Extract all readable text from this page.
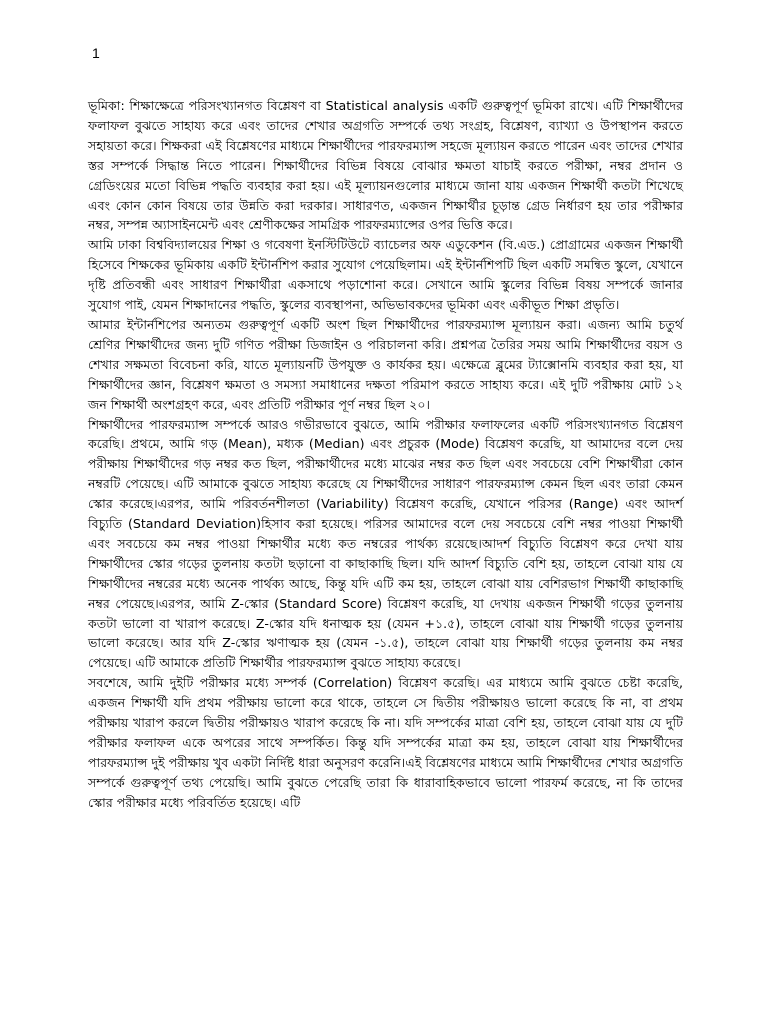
1

ভূমিকা: শিক্ষাক্ষেত্রে পরিসংখ্যানগত বিশ্লেষণ বা Statistical analysis একটি গুরুত্বপূর্ণ ভূমিকা রাখে। এটি শিক্ষার্থীদের ফলাফল বুঝতে সাহায্য করে এবং তাদের শেখার অগ্রগতি সম্পর্কে তথ্য সংগ্রহ, বিশ্লেষণ, ব্যাখ্যা ও উপস্থাপন করতে সহায়তা করে। শিক্ষকরা এই বিশ্লেষণের মাধ্যমে শিক্ষার্থীদের পারফরম্যান্স সহজে মূল্যায়ন করতে পারেন এবং তাদের শেখার স্তর সম্পর্কে সিদ্ধান্ত নিতে পারেন। শিক্ষার্থীদের বিভিন্ন বিষয়ে বোঝার ক্ষমতা যাচাই করতে পরীক্ষা, নম্বর প্রদান ও গ্রেডিংয়ের মতো বিভিন্ন পদ্ধতি ব্যবহার করা হয়। এই মূল্যায়নগুলোর মাধ্যমে জানা যায় একজন শিক্ষার্থী কতটা শিখেছে এবং কোন কোন বিষয়ে তার উন্নতি করা দরকার। সাধারণত, একজন শিক্ষার্থীর চূড়ান্ত গ্রেড নির্ধারণ হয় তার পরীক্ষার নম্বর, সম্পন্ন অ্যাসাইনমেন্ট এবং শ্রেণীকক্ষের সামগ্রিক পারফরম্যান্সের ওপর ভিত্তি করে।

আমি ঢাকা বিশ্ববিদ্যালয়ের শিক্ষা ও গবেষণা ইনস্টিটিউটে ব্যাচেলর অফ এডুকেশন (বি.এড.) প্রোগ্রামের একজন শিক্ষার্থী হিসেবে শিক্ষকের ভূমিকায় একটি ইন্টার্নশিপ করার সুযোগ পেয়েছিলাম। এই ইন্টার্নশিপটি ছিল একটি সমন্বিত স্কুলে, যেখানে দৃষ্টি প্রতিবন্ধী এবং সাধারণ শিক্ষার্থীরা একসাথে পড়াশোনা করে। সেখানে আমি স্কুলের বিভিন্ন বিষয় সম্পর্কে জানার সুযোগ পাই, যেমন শিক্ষাদানের পদ্ধতি, স্কুলের ব্যবস্থাপনা, অভিভাবকদের ভূমিকা এবং একীভূত শিক্ষা প্রভৃতি।

আমার ইন্টার্নশিপের অন্যতম গুরুত্বপূর্ণ একটি অংশ ছিল শিক্ষার্থীদের পারফরম্যান্স মূল্যায়ন করা। এজন্য আমি চতুর্থ শ্রেণির শিক্ষার্থীদের জন্য দুটি গণিত পরীক্ষা ডিজাইন ও পরিচালনা করি। প্রশ্নপত্র তৈরির সময় আমি শিক্ষার্থীদের বয়স ও শেখার সক্ষমতা বিবেচনা করি, যাতে মূল্যায়নটি উপযুক্ত ও কার্যকর হয়। এক্ষেত্রে ব্লুমের ট্যাক্সোনমি ব্যবহার করা হয়, যা শিক্ষার্থীদের জ্ঞান, বিশ্লেষণ ক্ষমতা ও সমস্যা সমাধানের দক্ষতা পরিমাপ করতে সাহায্য করে। এই দুটি পরীক্ষায় মোট ১২ জন শিক্ষার্থী অংশগ্রহণ করে, এবং প্রতিটি পরীক্ষার পূর্ণ নম্বর ছিল ২০।

শিক্ষার্থীদের পারফরম্যান্স সম্পর্কে আরও গভীরভাবে বুঝতে, আমি পরীক্ষার ফলাফলের একটি পরিসংখ্যানগত বিশ্লেষণ করেছি। প্রথমে, আমি গড় (Mean), মধ্যক (Median) এবং প্রচুরক (Mode) বিশ্লেষণ করেছি, যা আমাদের বলে দেয় পরীক্ষায় শিক্ষার্থীদের গড় নম্বর কত ছিল, পরীক্ষার্থীদের মধ্যে মাঝের নম্বর কত ছিল এবং সবচেয়ে বেশি শিক্ষার্থীরা কোন নম্বরটি পেয়েছে। এটি আমাকে বুঝতে সাহায্য করেছে যে শিক্ষার্থীদের সাধারণ পারফরম্যান্স কেমন ছিল এবং তারা কেমন স্কোর করেছে।এরপর, আমি পরিবর্তনশীলতা (Variability) বিশ্লেষণ করেছি, যেখানে পরিসর (Range) এবং আদর্শ বিচ্যুতি (Standard Deviation)হিসাব করা হয়েছে। পরিসর আমাদের বলে দেয় সবচেয়ে বেশি নম্বর পাওয়া শিক্ষার্থী এবং সবচেয়ে কম নম্বর পাওয়া শিক্ষার্থীর মধ্যে কত নম্বরের পার্থক্য রয়েছে।আদর্শ বিচ্যুতি বিশ্লেষণ করে দেখা যায় শিক্ষার্থীদের স্কোর গড়ের তুলনায় কতটা ছড়ানো বা কাছাকাছি ছিল। যদি আদর্শ বিচ্যুতি বেশি হয়, তাহলে বোঝা যায় যে শিক্ষার্থীদের নম্বরের মধ্যে অনেক পার্থক্য আছে, কিন্তু যদি এটি কম হয়, তাহলে বোঝা যায় বেশিরভাগ শিক্ষার্থী কাছাকাছি নম্বর পেয়েছে।এরপর, আমি Z-স্কোর (Standard Score) বিশ্লেষণ করেছি, যা দেখায় একজন শিক্ষার্থী গড়ের তুলনায় কতটা ভালো বা খারাপ করেছে। Z-স্কোর যদি ধনাত্মক হয় (যেমন +১.৫), তাহলে বোঝা যায় শিক্ষার্থী গড়ের তুলনায় ভালো করেছে। আর যদি Z-স্কোর ঋণাত্মক হয় (যেমন -১.৫), তাহলে বোঝা যায় শিক্ষার্থী গড়ের তুলনায় কম নম্বর পেয়েছে। এটি আমাকে প্রতিটি শিক্ষার্থীর পারফরম্যান্স বুঝতে সাহায্য করেছে।

সবশেষে, আমি দুইটি পরীক্ষার মধ্যে সম্পর্ক (Correlation) বিশ্লেষণ করেছি। এর মাধ্যমে আমি বুঝতে চেষ্টা করেছি, একজন শিক্ষার্থী যদি প্রথম পরীক্ষায় ভালো করে থাকে, তাহলে সে দ্বিতীয় পরীক্ষায়ও ভালো করেছে কি না, বা প্রথম পরীক্ষায় খারাপ করলে দ্বিতীয় পরীক্ষায়ও খারাপ করেছে কি না। যদি সম্পর্কের মাত্রা বেশি হয়, তাহলে বোঝা যায় যে দুটি পরীক্ষার ফলাফল একে অপরের সাথে সম্পর্কিত। কিন্তু যদি সম্পর্কের মাত্রা কম হয়, তাহলে বোঝা যায় শিক্ষার্থীদের পারফরম্যান্স দুই পরীক্ষায় খুব একটা নির্দিষ্ট ধারা অনুসরণ করেনি।এই বিশ্লেষণের মাধ্যমে আমি শিক্ষার্থীদের শেখার অগ্রগতি সম্পর্কে গুরুত্বপূর্ণ তথ্য পেয়েছি। আমি বুঝতে পেরেছি তারা কি ধারাবাহিকভাবে ভালো পারফর্ম করেছে, না কি তাদের স্কোর পরীক্ষার মধ্যে পরিবর্তিত হয়েছে। এটি
